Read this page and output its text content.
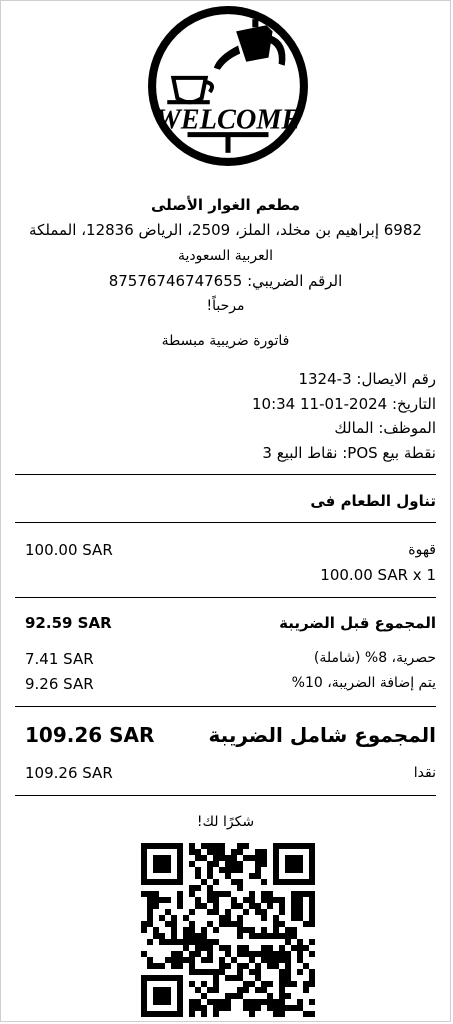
WELCOME
مطعم الغوار الأصلى
6982 إبراهيم بن مخلد، الملز، 2509، الرياض 12836، المملكة
العربية السعودية
الرقم الضريبي: 87576746747655
مرحباً!
فاتورة ضريبية مبسطة
رقم الايصال: 3-1324
التاريخ: 2024-01-11 10:34
الموظف: المالك
نقطة بيع POS: نقاط البيع 3
تناول الطعام فى
قهوة
100.00 SAR
100.00 SAR x 1
المجموع قبل الضريبة
92.59 SAR
حصرية، 8% (شاملة)
7.41 SAR
يتم إضافة الضريبة، 10%
9.26 SAR
المجموع شامل الضريبة
109.26 SAR
نقدا
109.26 SAR
شكرًا لك!
